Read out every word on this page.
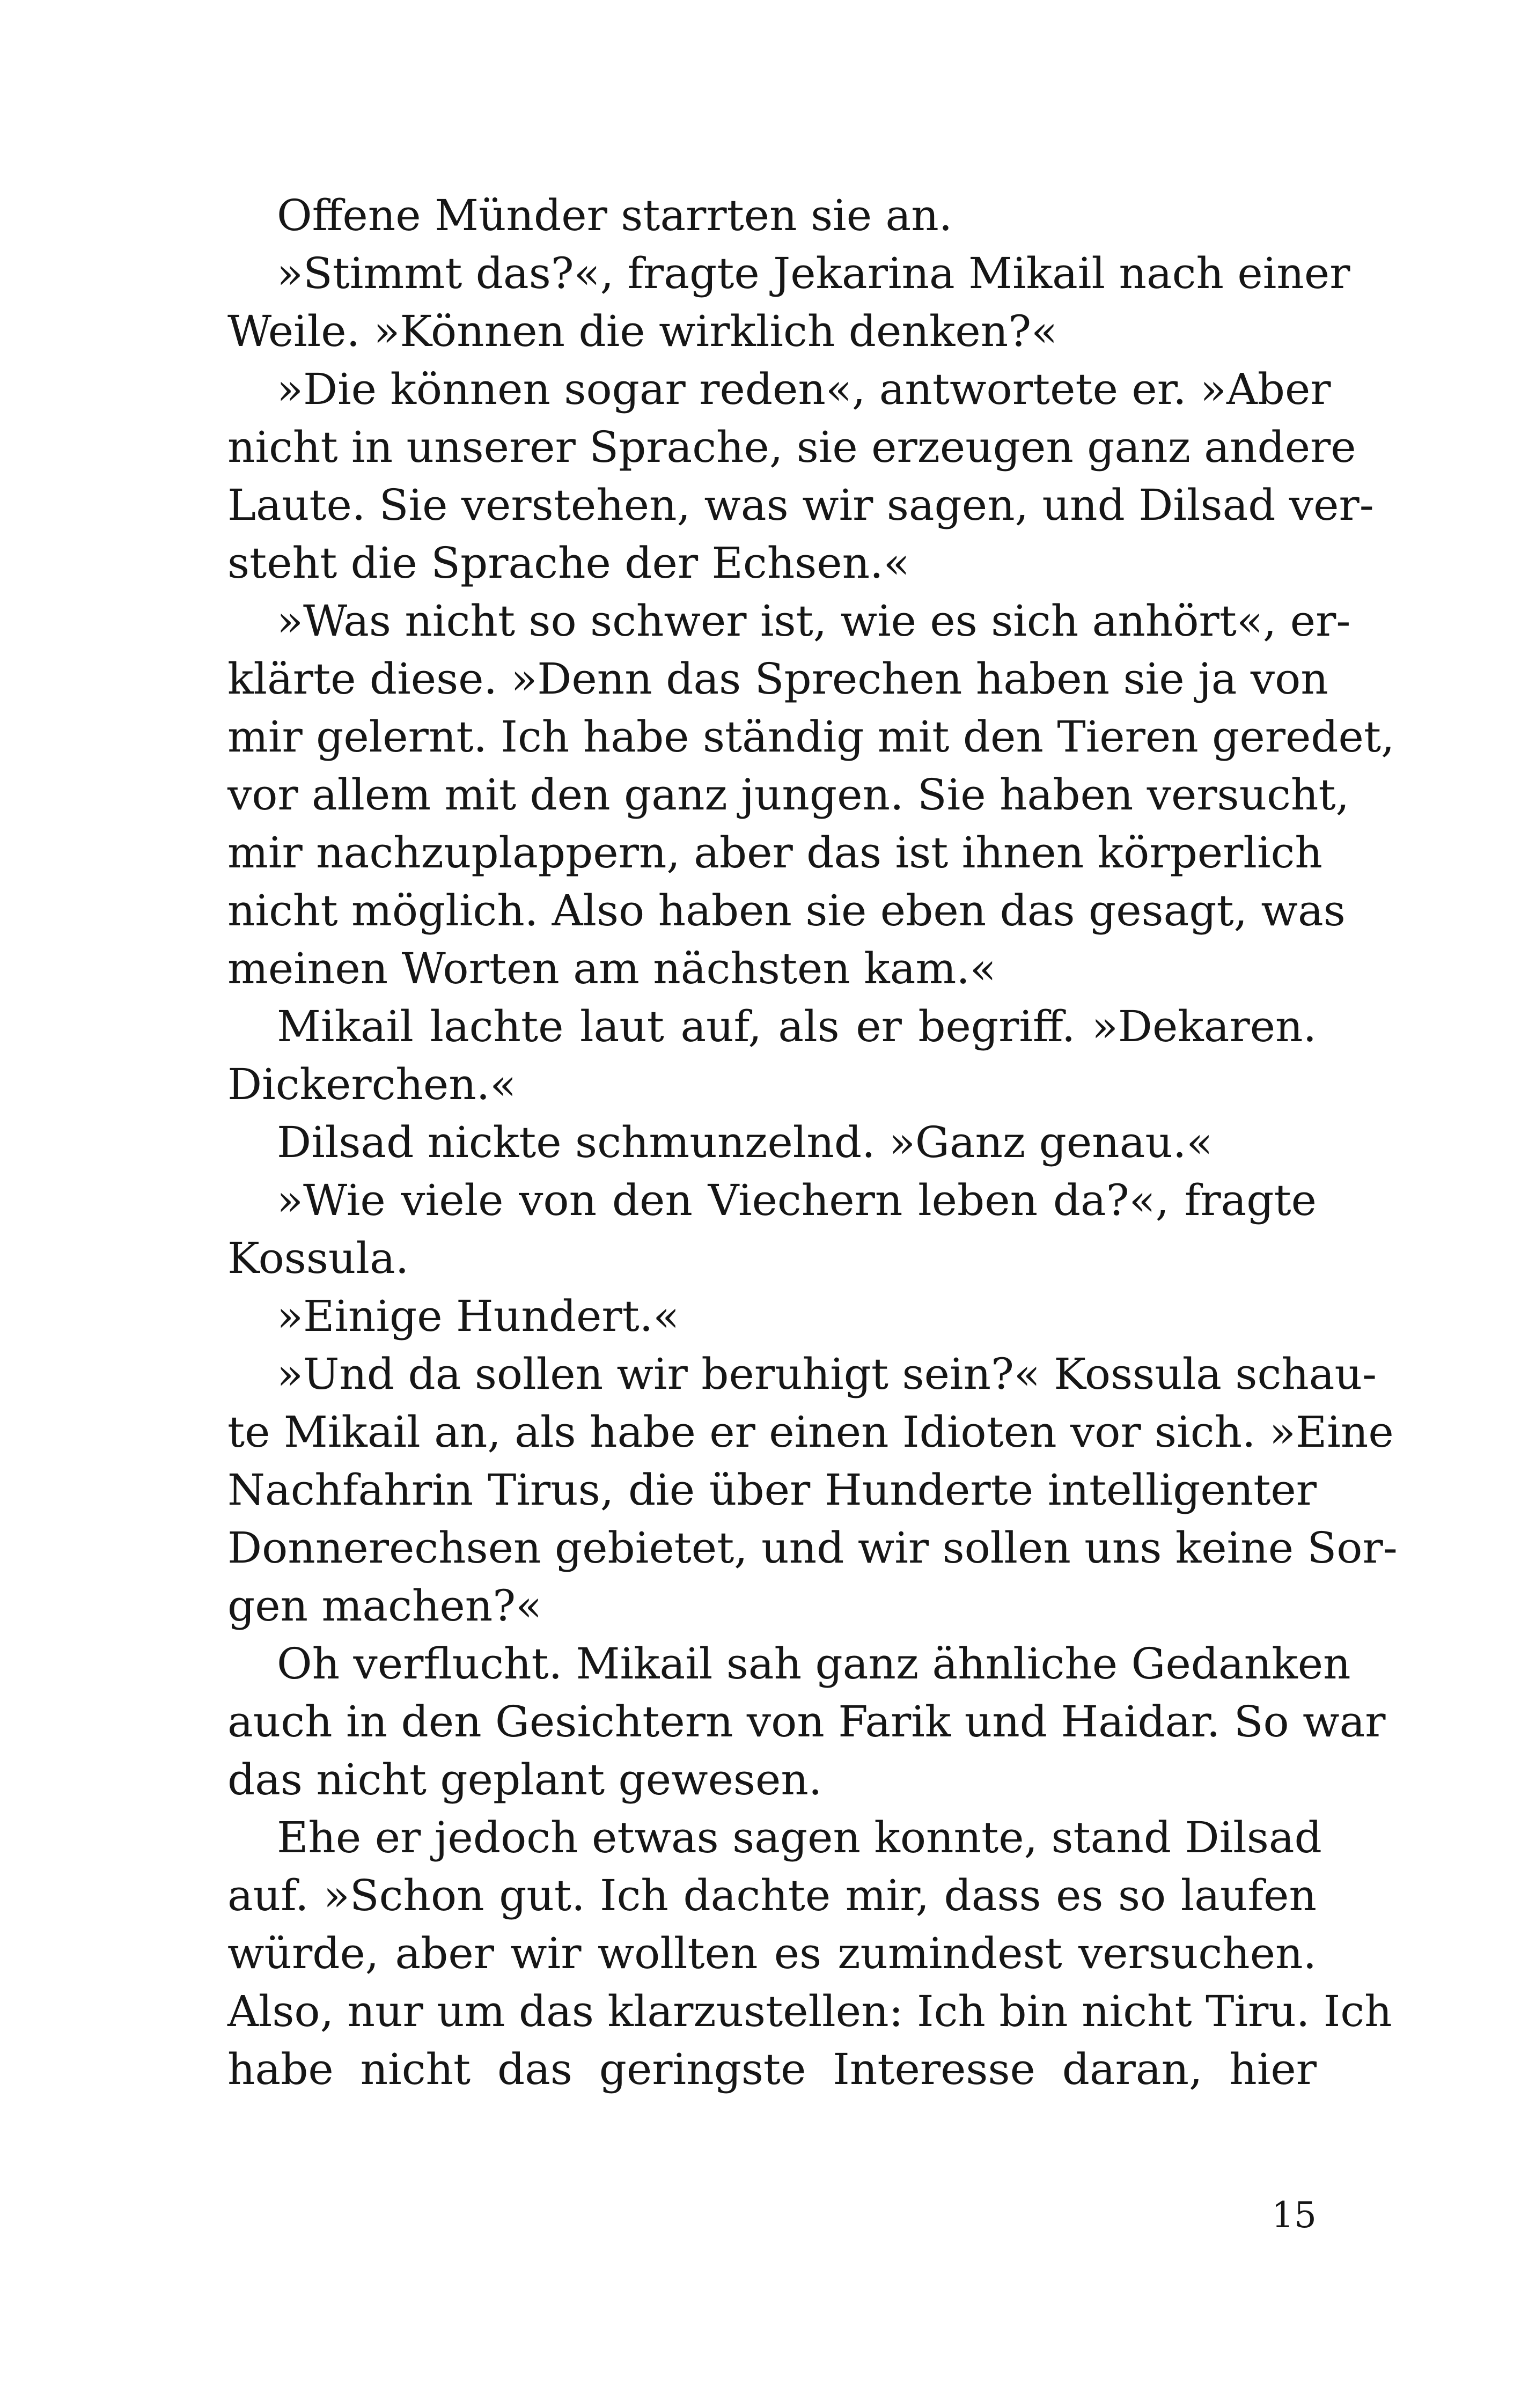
Offene Münder starrten sie an.
»Stimmt das?«, fragte Jekarina Mikail nach einer
Weile. »Können die wirklich denken?«
»Die können sogar reden«, antwortete er. »Aber
nicht in unserer Sprache, sie erzeugen ganz andere
Laute. Sie verstehen, was wir sagen, und Dilsad ver-
steht die Sprache der Echsen.«
»Was nicht so schwer ist, wie es sich anhört«, er-
klärte diese. »Denn das Sprechen haben sie ja von
mir gelernt. Ich habe ständig mit den Tieren geredet,
vor allem mit den ganz jungen. Sie haben versucht,
mir nachzuplappern, aber das ist ihnen körperlich
nicht möglich. Also haben sie eben das gesagt, was
meinen Worten am nächsten kam.«
Mikail lachte laut auf, als er begriff. »Dekaren.
Dickerchen.«
Dilsad nickte schmunzelnd. »Ganz genau.«
»Wie viele von den Viechern leben da?«, fragte
Kossula.
»Einige Hundert.«
»Und da sollen wir beruhigt sein?« Kossula schau-
te Mikail an, als habe er einen Idioten vor sich. »Eine
Nachfahrin Tirus, die über Hunderte intelligenter
Donnerechsen gebietet, und wir sollen uns keine Sor-
gen machen?«
Oh verflucht. Mikail sah ganz ähnliche Gedanken
auch in den Gesichtern von Farik und Haidar. So war
das nicht geplant gewesen.
Ehe er jedoch etwas sagen konnte, stand Dilsad
auf. »Schon gut. Ich dachte mir, dass es so laufen
würde, aber wir wollten es zumindest versuchen.
Also, nur um das klarzustellen: Ich bin nicht Tiru. Ich
habe nicht das geringste Interesse daran, hier
15
